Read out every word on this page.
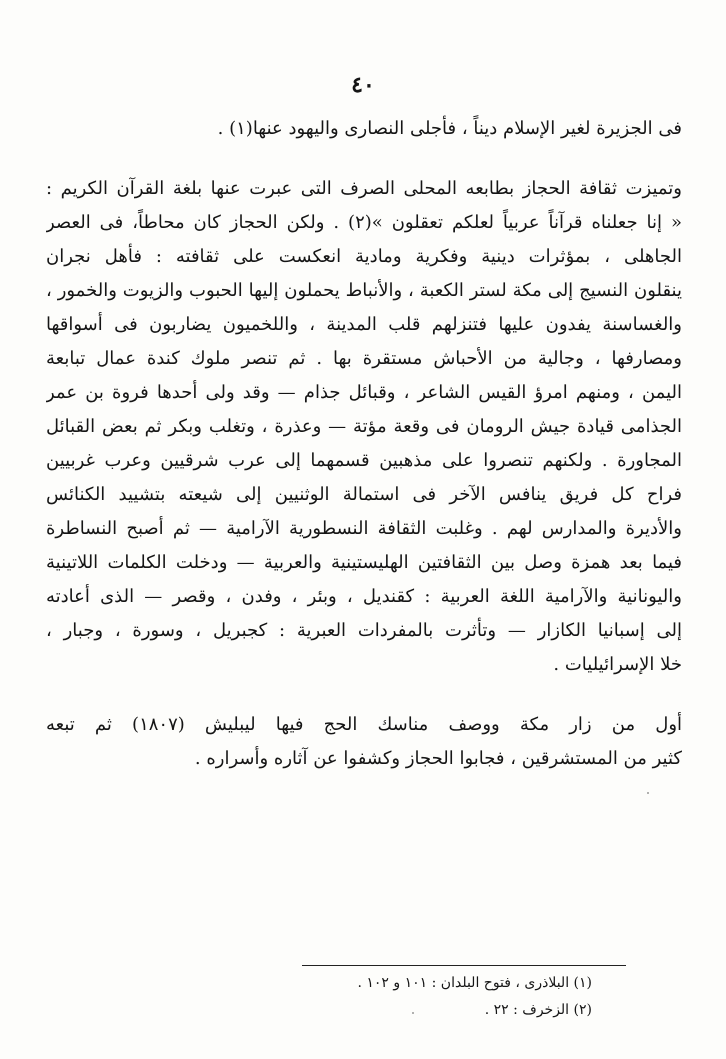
٤٠
فى الجزيرة لغير الإسلام ديناً ، فأجلى النصارى واليهود عنها(١) .
وتميزت ثقافة الحجاز بطابعه المحلى الصرف التى عبرت عنها بلغة القرآن الكريم :
« إنا جعلناه قرآناً عربياً لعلكم تعقلون »(٢) . ولكن الحجاز كان محاطاً، فى العصر
الجاهلى ، بمؤثرات دينية وفكرية ومادية انعكست على ثقافته : فأهل نجران
ينقلون النسيج إلى مكة لستر الكعبة ، والأنباط يحملون إليها الحبوب والزيوت والخمور ،
والغساسنة يفدون عليها فتنزلهم قلب المدينة ، واللخميون يضاربون فى أسواقها
ومصارفها ، وجالية من الأحباش مستقرة بها . ثم تنصر ملوك كندة عمال تبابعة
اليمن ، ومنهم امرؤ القيس الشاعر ، وقبائل جذام — وقد ولى أحدها فروة بن عمر
الجذامى قيادة جيش الرومان فى وقعة مؤتة — وعذرة ، وتغلب وبكر ثم بعض القبائل
المجاورة . ولكنهم تنصروا على مذهبين قسمهما إلى عرب شرقيين وعرب غربيين
فراح كل فريق ينافس الآخر فى استمالة الوثنيين إلى شيعته بتشييد الكنائس
والأديرة والمدارس لهم . وغلبت الثقافة النسطورية الآرامية — ثم أصبح النساطرة
فيما بعد همزة وصل بين الثقافتين الهليستينية والعربية — ودخلت الكلمات اللاتينية
واليونانية والآرامية اللغة العربية : كقنديل ، وبئر ، وفدن ، وقصر — الذى أعادته
إلى إسبانيا الكازار — وتأثرت بالمفردات العبرية : كجبريل ، وسورة ، وجبار ،
خلا الإسرائيليات .
أول من زار مكة ووصف مناسك الحج فيها ليبليش (١٨٠٧) ثم تبعه
كثير من المستشرقين ، فجابوا الحجاز وكشفوا عن آثاره وأسراره .
(١) البلاذرى ، فتوح البلدان : ١٠١ و ١٠٢ .
(٢) الزخرف : ٢٢ .
